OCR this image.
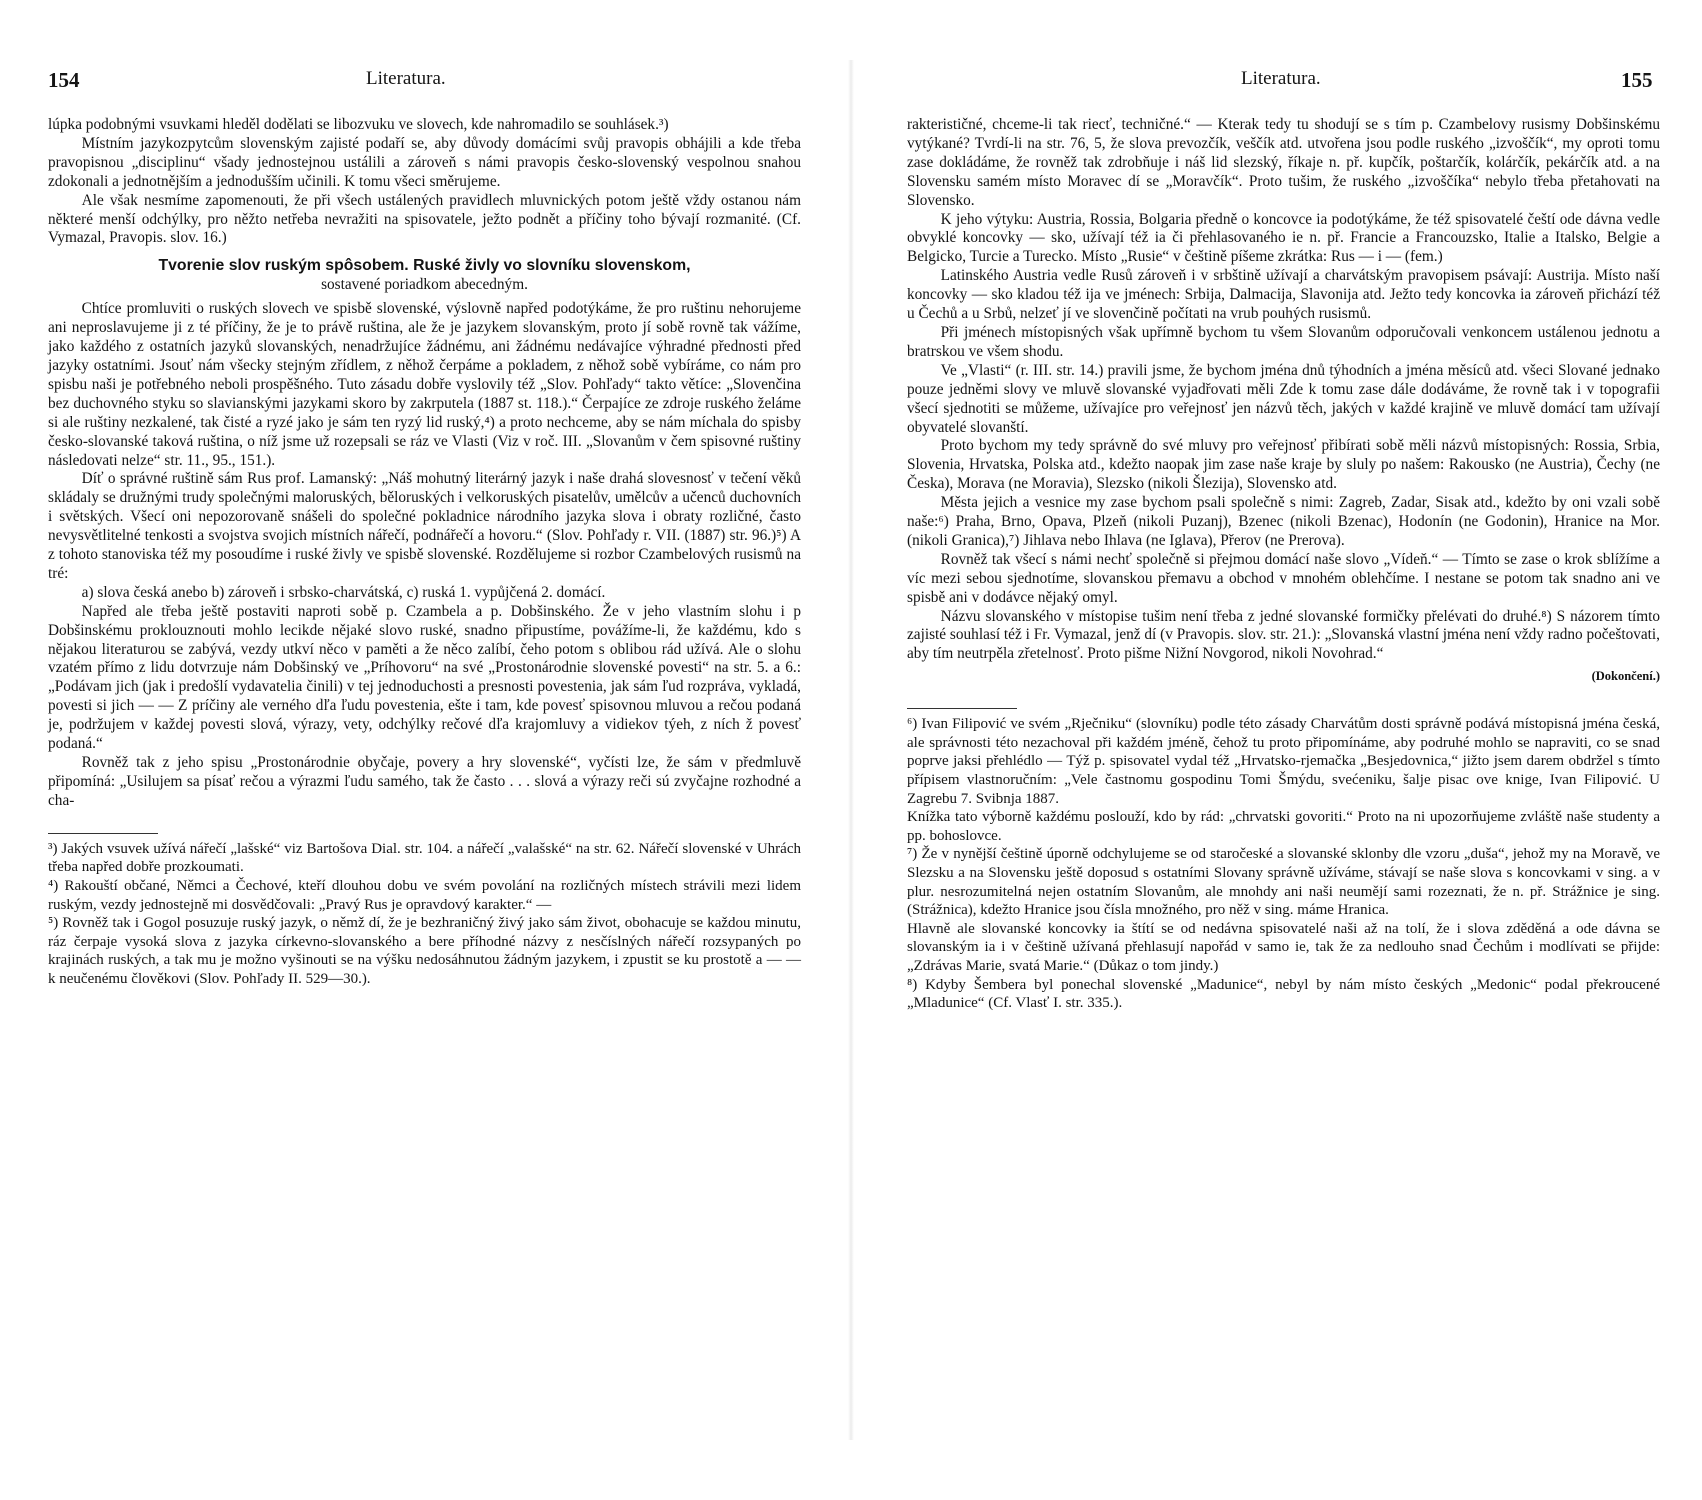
154	Literatura.

lúpka podobnými vsuvkami hleděl dodělati se libozvuku ve slovech, kde nahromadilo se souhlásek.³)

Místním jazykozpytcům slovenským zajisté podaří se, aby důvody domácími svůj pravopis obhájili a kde třeba pravopisnou „disciplinu“ všady jednostejnou ustálili a zároveň s námi pravopis česko-slovenský vespolnou snahou zdokonali a jednotnějším a jednodušším učinili. K tomu všeci směrujeme.

Ale však nesmíme zapomenouti, že při všech ustálených pravidlech mluvnických potom ještě vždy ostanou nám některé menší odchýlky, pro něžto netřeba nevražiti na spisovatele, ježto podnět a příčiny toho bývají rozmanité. (Cf. Vymazal, Pravopis. slov. 16.)

Tvorenie slov ruským spôsobem. Ruské živly vo slovníku slovenskom,
sostavené poriadkom abecedným.

Chtíce promluviti o ruských slovech ve spisbě slovenské, výslovně napřed podotýkáme, že pro ruštinu nehorujeme ani neproslavujeme ji z té příčiny, že je to právě ruština, ale že je jazykem slovanským, proto jí sobě rovně tak vážíme, jako každého z ostatních jazyků slovanských, nenadržujíce žádnému, ani žádnému nedávajíce výhradné přednosti před jazyky ostatními. Jsouť nám všecky stejným zřídlem, z něhož čerpáme a pokladem, z něhož sobě vybíráme, co nám pro spisbu naši je potřebného neboli prospěšného. Tuto zásadu dobře vyslovily též „Slov. Pohľady“ takto větíce: „Slovenčina bez duchovného styku so slavianskými jazykami skoro by zakrputela (1887 st. 118.).“ Čerpajíce ze zdroje ruského želáme si ale ruštiny nezkalené, tak čisté a ryzé jako je sám ten ryzý lid ruský,⁴) a proto nechceme, aby se nám míchala do spisby česko-slovanské taková ruština, o níž jsme už rozepsali se ráz ve Vlasti (Viz v roč. III. „Slovanům v čem spisovné ruštiny následovati nelze“ str. 11., 95., 151.).

Díť o správné ruštině sám Rus prof. Lamanský: „Náš mohutný literárný jazyk i naše drahá slovesnosť v tečení věků skládaly se družnými trudy společnými maloruských, běloruských i velkoruských pisatelův, umělcův a učenců duchovních i světských. Všecí oni nepozorovaně snášeli do společné pokladnice národního jazyka slova i obraty rozličné, často nevysvětlitelné tenkosti a svojstva svojich místních nářečí, podnářečí a hovoru.“ (Slov. Pohľady r. VII. (1887) str. 96.)⁵) A z tohoto stanoviska též my posoudíme i ruské živly ve spisbě slovenské. Rozdělujeme si rozbor Czambelových rusismů na tré:

a) slova česká anebo b) zároveň i srbsko-charvátská, c) ruská 1. vypůjčená 2. domácí.

Napřed ale třeba ještě postaviti naproti sobě p. Czambela a p. Dobšinského. Že v jeho vlastním slohu i p Dobšinskému proklouznouti mohlo lecikde nějaké slovo ruské, snadno připustíme, povážíme-li, že každému, kdo s nějakou literaturou se zabývá, vezdy utkví něco v paměti a že něco zalíbí, čeho potom s oblibou rád užívá. Ale o slohu vzatém přímo z lidu dotvrzuje nám Dobšinský ve „Príhovoru“ na své „Prostonárodnie slovenské povesti“ na str. 5. a 6.: „Podávam jich (jak i predošlí vydavatelia činili) v tej jednoduchosti a presnosti povestenia, jak sám ľud rozpráva, vykladá, povesti si jich — — Z príčiny ale verného dľa ľudu povestenia, ešte i tam, kde povesť spisovnou mluvou a rečou podaná je, podržujem v každej povesti slová, výrazy, vety, odchýlky rečové dľa krajomluvy a vidiekov týeh, z ních ž povesť podaná.“

Rovněž tak z jeho spisu „Prostonárodnie obyčaje, povery a hry slovenské“, vyčísti lze, že sám v předmluvě připomíná: „Usilujem sa písať rečou a výrazmi ľudu samého, tak že často . . . slová a výrazy reči sú zvyčajne rozhodné a cha-

³) Jakých vsuvek užívá nářečí „lašské“ viz Bartošova Dial. str. 104. a nářečí „valašské“ na str. 62. Nářečí slovenské v Uhrách třeba napřed dobře prozkoumati.

⁴) Rakouští občané, Němci a Čechové, kteří dlouhou dobu ve svém povolání na rozličných místech strávili mezi lidem ruským, vezdy jednostejně mi dosvědčovali: „Pravý Rus je opravdový karakter.“ —

⁵) Rovněž tak i Gogol posuzuje ruský jazyk, o němž dí, že je bezhraničný živý jako sám život, obohacuje se každou minutu, ráz čerpaje vysoká slova z jazyka církevno-slovanského a bere příhodné názvy z nesčíslných nářečí rozsypaných po krajinách ruských, a tak mu je možno vyšinouti se na výšku nedosáhnutou žádným jazykem, i zpustit se ku prostotě a — — k neučenému člověkovi (Slov. Pohľady II. 529—30.).

Literatura.	155

rakterističné, chceme-li tak riecť, techničné.“ — Kterak tedy tu shodují se s tím p. Czambelovy rusismy Dobšinskému vytýkané? Tvrdí-li na str. 76, 5, že slova prevozčík, veščík atd. utvořena jsou podle ruského „izvoščík“, my oproti tomu zase dokládáme, že rovněž tak zdrobňuje i náš lid slezský, říkaje n. př. kupčík, poštarčík, kolárčík, pekárčík atd. a na Slovensku samém místo Moravec dí se „Moravčík“. Proto tušim, že ruského „izvoščíka“ nebylo třeba přetahovati na Slovensko.

K jeho výtyku: Austria, Rossia, Bolgaria předně o koncovce ia podotýkáme, že též spisovatelé čeští ode dávna vedle obvyklé koncovky — sko, užívají též ia či přehlasovaného ie n. př. Francie a Francouzsko, Italie a Italsko, Belgie a Belgicko, Turcie a Turecko. Místo „Rusie“ v češtině píšeme zkrátka: Rus — i — (fem.)

Latinského Austria vedle Rusů zároveň i v srbštině užívají a charvátským pravopisem psávají: Austrija. Místo naší koncovky — sko kladou též ija ve jménech: Srbija, Dalmacija, Slavonija atd. Ježto tedy koncovka ia zároveň přichází též u Čechů a u Srbů, nelzeť jí ve slovenčině počítati na vrub pouhých rusismů.

Při jménech místopisných však upřímně bychom tu všem Slovanům odporučovali venkoncem ustálenou jednotu a bratrskou ve všem shodu.

Ve „Vlasti“ (r. III. str. 14.) pravili jsme, že bychom jména dnů týhodních a jména měsíců atd. všeci Slované jednako pouze jedněmi slovy ve mluvě slovanské vyjadřovati měli Zde k tomu zase dále dodáváme, že rovně tak i v topografii všecí sjednotiti se můžeme, užívajíce pro veřejnosť jen názvů těch, jakých v každé krajině ve mluvě domácí tam užívají obyvatelé slovanští.

Proto bychom my tedy správně do své mluvy pro veřejnosť přibírati sobě měli názvů místopisných: Rossia, Srbia, Slovenia, Hrvatska, Polska atd., kdežto naopak jim zase naše kraje by sluly po našem: Rakousko (ne Austria), Čechy (ne Česka), Morava (ne Moravia), Slezsko (nikoli Šlezija), Slovensko atd.

Města jejich a vesnice my zase bychom psali společně s nimi: Zagreb, Zadar, Sisak atd., kdežto by oni vzali sobě naše:⁶) Praha, Brno, Opava, Plzeň (nikoli Puzanj), Bzenec (nikoli Bzenac), Hodonín (ne Godonin), Hranice na Mor. (nikoli Granica),⁷) Jihlava nebo Ihlava (ne Iglava), Přerov (ne Prerova).

Rovněž tak všecí s námi nechť společně si přejmou domácí naše slovo „Vídeň.“ — Tímto se zase o krok sblížíme a víc mezi sebou sjednotíme, slovanskou přemavu a obchod v mnohém oblehčíme. I nestane se potom tak snadno ani ve spisbě ani v dodávce nějaký omyl.

Názvu slovanského v místopise tušim není třeba z jedné slovanské formičky přelévati do druhé.⁸) S názorem tímto zajisté souhlasí též i Fr. Vymazal, jenž dí (v Pravopis. slov. str. 21.): „Slovanská vlastní jména není vždy radno počeštovati, aby tím neutrpěla zřetelnosť. Proto pišme Nižní Novgorod, nikoli Novohrad.“

(Dokončení.)

⁶) Ivan Filipović ve svém „Rječniku“ (slovníku) podle této zásady Charvátům dosti správně podává místopisná jména česká, ale správnosti této nezachoval při každém jméně, čehož tu proto připomínáme, aby podruhé mohlo se napraviti, co se snad poprve jaksi přehlédlo — Týž p. spisovatel vydal též „Hrvatsko-rjemačka „Besjedovnica,“ jižto jsem darem obdržel s tímto přípisem vlastnoručním: „Vele častnomu gospodinu Tomi Šmýdu, svećeniku, šalje pisac ove knige, Ivan Filipović. U Zagrebu 7. Svibnja 1887.

Knížka tato výborně každému poslouží, kdo by rád: „chrvatski govoriti.“ Proto na ni upozorňujeme zvláště naše studenty a pp. bohoslovce.

⁷) Že v nynější češtině úporně odchylujeme se od staročeské a slovanské sklonby dle vzoru „duša“, jehož my na Moravě, ve Slezsku a na Slovensku ještě doposud s ostatními Slovany správně užíváme, stávají se naše slova s koncovkami v sing. a v plur. nesrozumitelná nejen ostatním Slovanům, ale mnohdy ani naši neumějí sami rozeznati, že n. př. Strážnice je sing. (Strážnica), kdežto Hranice jsou čísla množného, pro něž v sing. máme Hranica.

Hlavně ale slovanské koncovky ia štítí se od nedávna spisovatelé naši až na tolí, že i slova zděděná a ode dávna se slovanským ia i v češtině užívaná přehlasují napořád v samo ie, tak že za nedlouho snad Čechům i modlívati se přijde: „Zdrávas Marie, svatá Marie.“ (Důkaz o tom jindy.)

⁸) Kdyby Šembera byl ponechal slovenské „Madunice“, nebyl by nám místo českých „Medonic“ podal překroucené „Mladunice“ (Cf. Vlasť I. str. 335.).
